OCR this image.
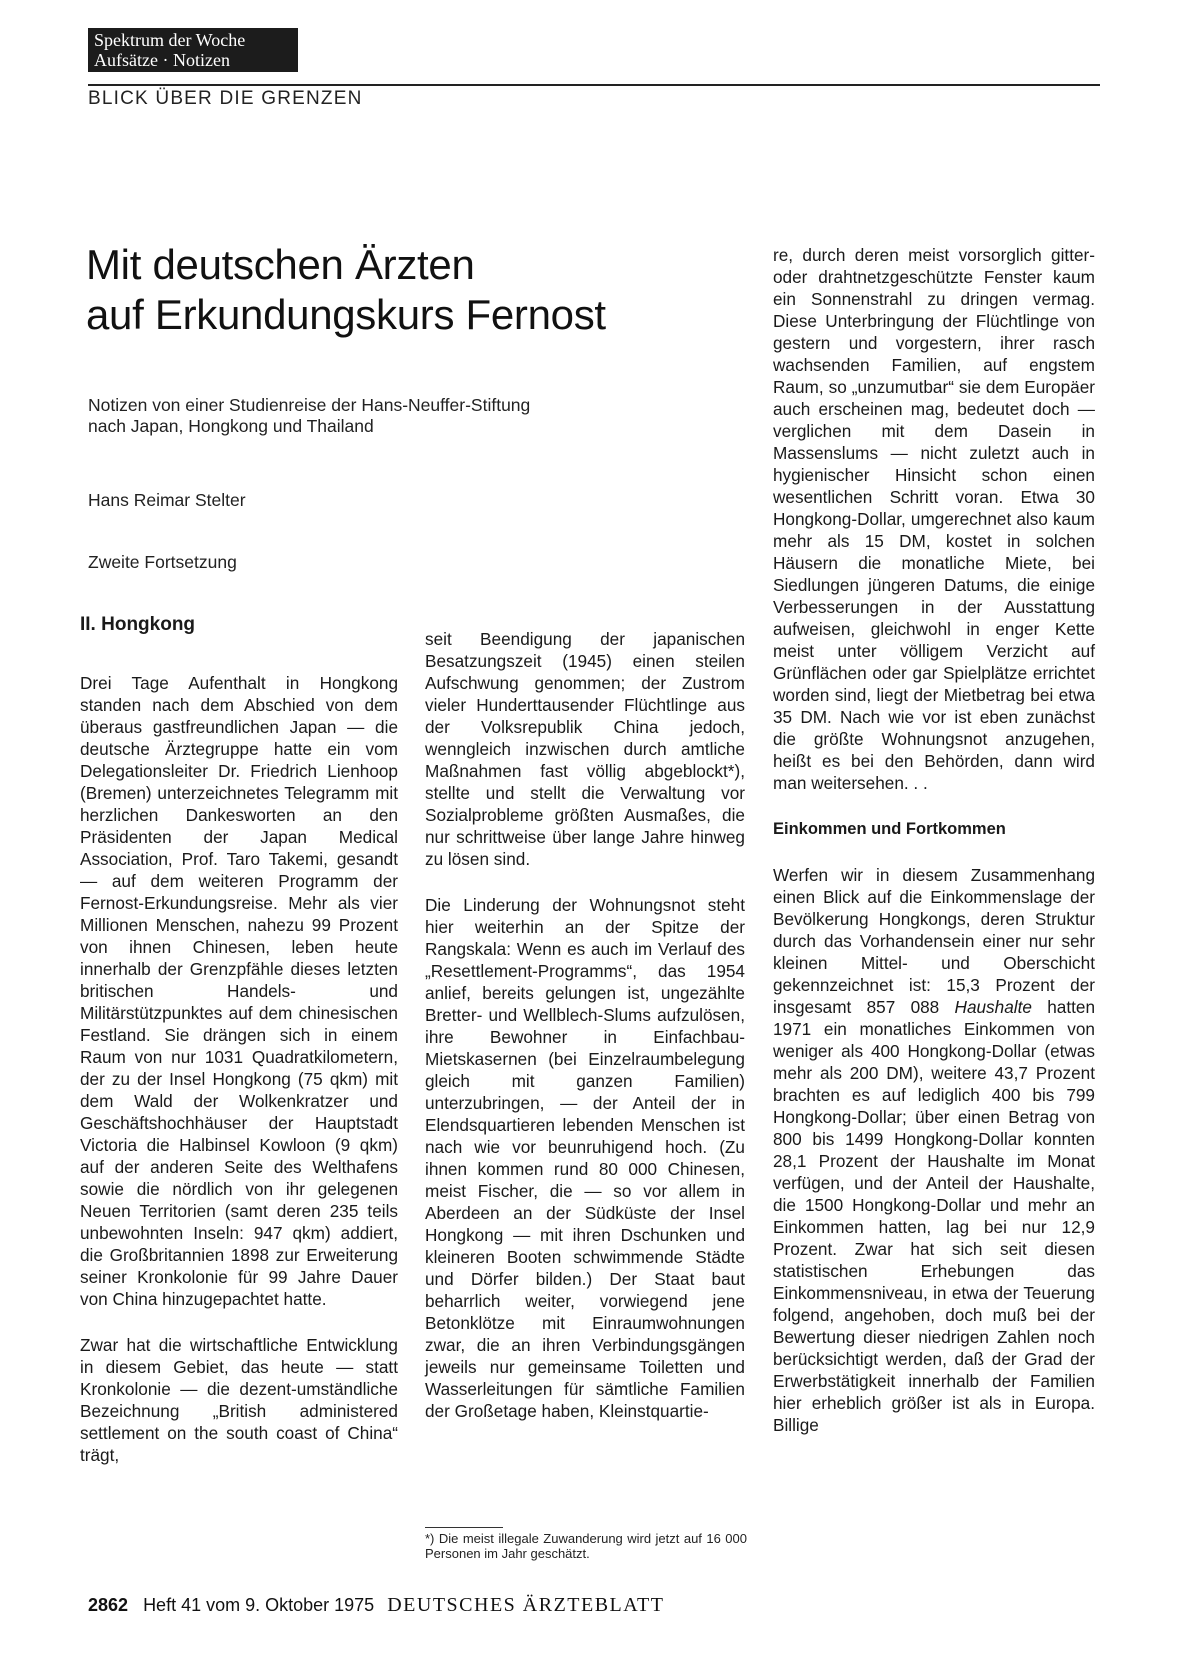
Spektrum der Woche
Aufsätze · Notizen
BLICK ÜBER DIE GRENZEN
Mit deutschen Ärzten
auf Erkundungskurs Fernost
Notizen von einer Studienreise der Hans-Neuffer-Stiftung
nach Japan, Hongkong und Thailand
Hans Reimar Stelter
Zweite Fortsetzung
II. Hongkong

Drei Tage Aufenthalt in Hongkong standen nach dem Abschied von dem überaus gastfreundlichen Japan — die deutsche Ärztegruppe hatte ein vom Delegationsleiter Dr. Friedrich Lienhoop (Bremen) unterzeichnetes Telegramm mit herzlichen Dankesworten an den Präsidenten der Japan Medical Association, Prof. Taro Takemi, gesandt — auf dem weiteren Programm der Fernost-Erkundungsreise. Mehr als vier Millionen Menschen, nahezu 99 Prozent von ihnen Chinesen, leben heute innerhalb der Grenzpfähle dieses letzten britischen Handels- und Militärstützpunktes auf dem chinesischen Festland. Sie drängen sich in einem Raum von nur 1031 Quadratkilometern, der zu der Insel Hongkong (75 qkm) mit dem Wald der Wolkenkratzer und Geschäftshochhäuser der Hauptstadt Victoria die Halbinsel Kowloon (9 qkm) auf der anderen Seite des Welthafens sowie die nördlich von ihr gelegenen Neuen Territorien (samt deren 235 teils unbewohnten Inseln: 947 qkm) addiert, die Großbritannien 1898 zur Erweiterung seiner Kronkolonie für 99 Jahre Dauer von China hinzugepachtet hatte.

Zwar hat die wirtschaftliche Entwicklung in diesem Gebiet, das heute — statt Kronkolonie — die dezent-umständliche Bezeichnung „British administered settlement on the south coast of China“ trägt,

seit Beendigung der japanischen Besatzungszeit (1945) einen steilen Aufschwung genommen; der Zustrom vieler Hunderttausender Flüchtlinge aus der Volksrepublik China jedoch, wenngleich inzwischen durch amtliche Maßnahmen fast völlig abgeblockt*), stellte und stellt die Verwaltung vor Sozialprobleme größten Ausmaßes, die nur schrittweise über lange Jahre hinweg zu lösen sind.

Die Linderung der Wohnungsnot steht hier weiterhin an der Spitze der Rangskala: Wenn es auch im Verlauf des „Resettlement-Programms“, das 1954 anlief, bereits gelungen ist, ungezählte Bretter- und Wellblech-Slums aufzulösen, ihre Bewohner in Einfachbau-Mietskasernen (bei Einzelraumbelegung gleich mit ganzen Familien) unterzubringen, — der Anteil der in Elendsquartieren lebenden Menschen ist nach wie vor beunruhigend hoch. (Zu ihnen kommen rund 80 000 Chinesen, meist Fischer, die — so vor allem in Aberdeen an der Südküste der Insel Hongkong — mit ihren Dschunken und kleineren Booten schwimmende Städte und Dörfer bilden.) Der Staat baut beharrlich weiter, vorwiegend jene Betonklötze mit Einraumwohnungen zwar, die an ihren Verbindungsgängen jeweils nur gemeinsame Toiletten und Wasserleitungen für sämtliche Familien der Großetage haben, Kleinstquartie-

*) Die meist illegale Zuwanderung wird jetzt auf 16 000 Personen im Jahr geschätzt.

re, durch deren meist vorsorglich gitter- oder drahtnetzgeschützte Fenster kaum ein Sonnenstrahl zu dringen vermag. Diese Unterbringung der Flüchtlinge von gestern und vorgestern, ihrer rasch wachsenden Familien, auf engstem Raum, so „unzumutbar“ sie dem Europäer auch erscheinen mag, bedeutet doch — verglichen mit dem Dasein in Massenslums — nicht zuletzt auch in hygienischer Hinsicht schon einen wesentlichen Schritt voran. Etwa 30 Hongkong-Dollar, umgerechnet also kaum mehr als 15 DM, kostet in solchen Häusern die monatliche Miete, bei Siedlungen jüngeren Datums, die einige Verbesserungen in der Ausstattung aufweisen, gleichwohl in enger Kette meist unter völligem Verzicht auf Grünflächen oder gar Spielplätze errichtet worden sind, liegt der Mietbetrag bei etwa 35 DM. Nach wie vor ist eben zunächst die größte Wohnungsnot anzugehen, heißt es bei den Behörden, dann wird man weitersehen. . .

Einkommen und Fortkommen

Werfen wir in diesem Zusammenhang einen Blick auf die Einkommenslage der Bevölkerung Hongkongs, deren Struktur durch das Vorhandensein einer nur sehr kleinen Mittel- und Oberschicht gekennzeichnet ist: 15,3 Prozent der insgesamt 857 088 Haushalte hatten 1971 ein monatliches Einkommen von weniger als 400 Hongkong-Dollar (etwas mehr als 200 DM), weitere 43,7 Prozent brachten es auf lediglich 400 bis 799 Hongkong-Dollar; über einen Betrag von 800 bis 1499 Hongkong-Dollar konnten 28,1 Prozent der Haushalte im Monat verfügen, und der Anteil der Haushalte, die 1500 Hongkong-Dollar und mehr an Einkommen hatten, lag bei nur 12,9 Prozent. Zwar hat sich seit diesen statistischen Erhebungen das Einkommensniveau, in etwa der Teuerung folgend, angehoben, doch muß bei der Bewertung dieser niedrigen Zahlen noch berücksichtigt werden, daß der Grad der Erwerbstätigkeit innerhalb der Familien hier erheblich größer ist als in Europa. Billige

2862 Heft 41 vom 9. Oktober 1975 DEUTSCHES ÄRZTEBLATT
